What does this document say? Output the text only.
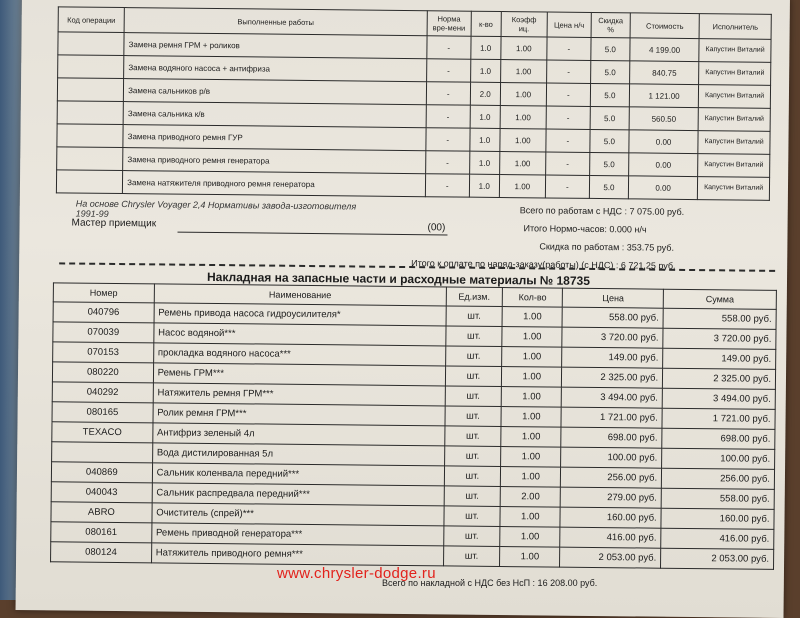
Код операции	Выполненные работы	Норма вре-мени	к-во	Коэфф иц.	Цена н/ч	Скидка %	Стоимость	Исполнитель
	Замена ремня ГРМ + роликов	-	1.0	1.00	-	5.0	4 199.00	Капустин Виталий
	Замена водяного насоса + антифриза	-	1.0	1.00	-	5.0	840.75	Капустин Виталий
	Замена сальников р/в	-	2.0	1.00	-	5.0	1 121.00	Капустин Виталий
	Замена сальника к/в	-	1.0	1.00	-	5.0	560.50	Капустин Виталий
	Замена приводного ремня ГУР	-	1.0	1.00	-	5.0	0.00	Капустин Виталий
	Замена приводного ремня генератора	-	1.0	1.00	-	5.0	0.00	Капустин Виталий
	Замена натяжителя приводного ремня генератора	-	1.0	1.00	-	5.0	0.00	Капустин Виталий
На основе Chrysler Voyager 2,4 Нормативы завода-изготовителя
1991-99
Мастер приемщик	(00)
Всего по работам с НДС : 7 075.00 руб.
Итого Нормо-часов: 0.000 н/ч
Скидка по работам : 353.75 руб.
Итого к оплате по наряд-заказу(работы) (с НДС) : 6 721.25 руб.
Накладная на запасные части и расходные материалы № 18735
Номер	Наименование	Ед.изм.	Кол-во	Цена	Сумма
040796	Ремень привода насоса гидроусилителя*	шт.	1.00	558.00 руб.	558.00 руб.
070039	Насос водяной***	шт.	1.00	3 720.00 руб.	3 720.00 руб.
070153	прокладка водяного насоса***	шт.	1.00	149.00 руб.	149.00 руб.
080220	Ремень ГРМ***	шт.	1.00	2 325.00 руб.	2 325.00 руб.
040292	Натяжитель ремня ГРМ***	шт.	1.00	3 494.00 руб.	3 494.00 руб.
080165	Ролик ремня ГРМ***	шт.	1.00	1 721.00 руб.	1 721.00 руб.
TEXACO	Антифриз зеленый 4л	шт.	1.00	698.00 руб.	698.00 руб.
	Вода дистилированная 5л	шт.	1.00	100.00 руб.	100.00 руб.
040869	Сальник коленвала передний***	шт.	1.00	256.00 руб.	256.00 руб.
040043	Сальник распредвала передний***	шт.	2.00	279.00 руб.	558.00 руб.
ABRO	Очиститель (спрей)***	шт.	1.00	160.00 руб.	160.00 руб.
080161	Ремень приводной генератора***	шт.	1.00	416.00 руб.	416.00 руб.
080124	Натяжитель приводного ремня***	шт.	1.00	2 053.00 руб.	2 053.00 руб.
Всего по накладной с НДС без НсП : 16 208.00 руб.
www.chrysler-dodge.ru
